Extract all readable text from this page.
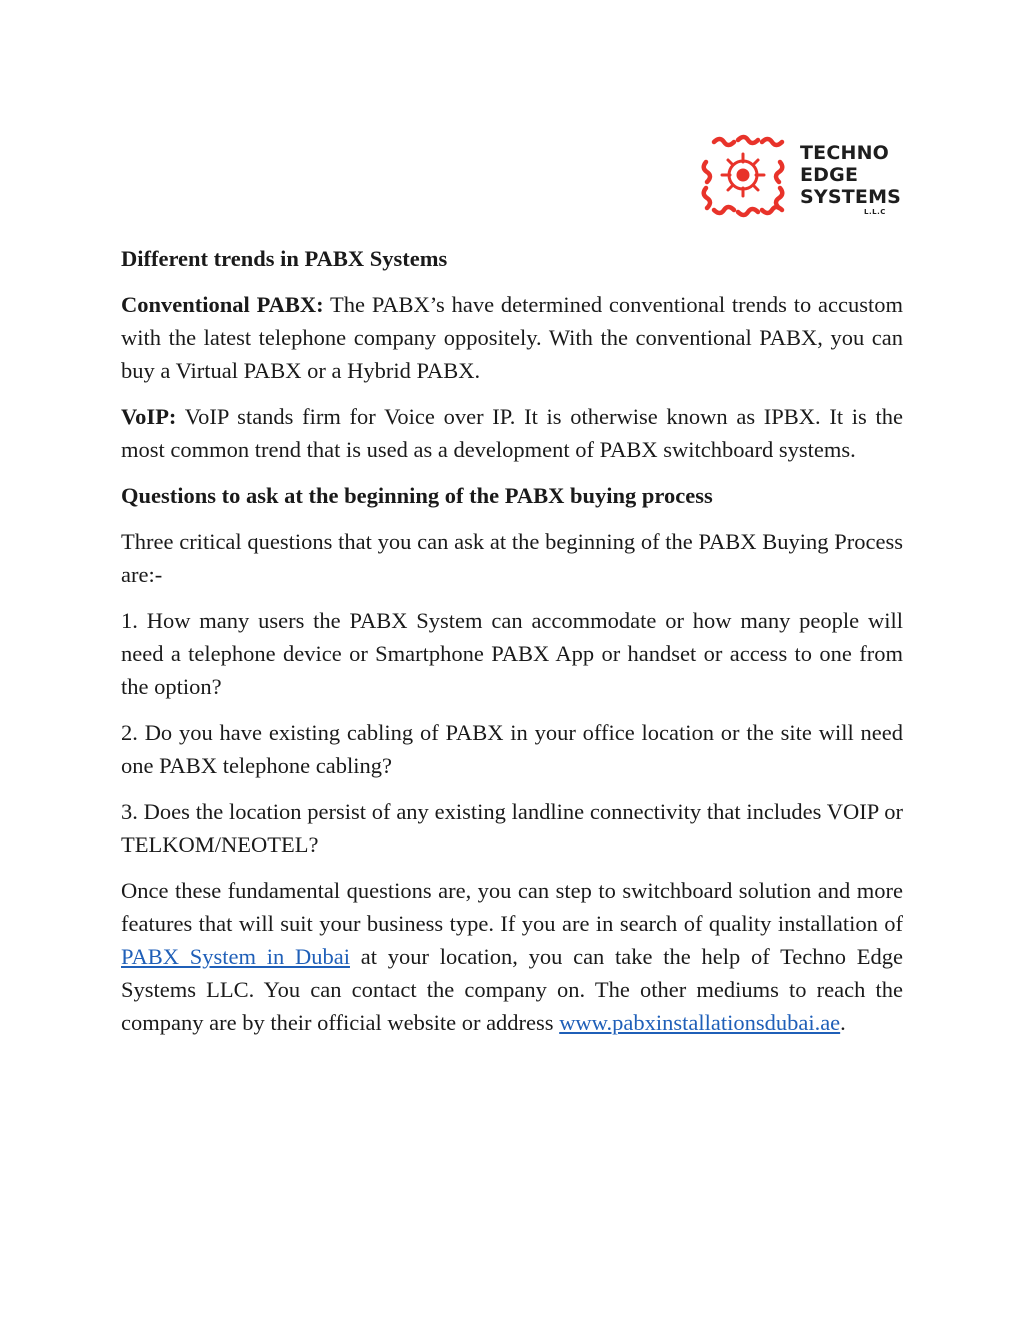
TECHNO
EDGE
SYSTEMS
L.L.C

Different trends in PABX Systems

Conventional PABX: The PABX’s have determined conventional trends to accustom with the latest telephone company oppositely. With the conventional PABX, you can buy a Virtual PABX or a Hybrid PABX.

VoIP: VoIP stands firm for Voice over IP. It is otherwise known as IPBX. It is the most common trend that is used as a development of PABX switchboard systems.

Questions to ask at the beginning of the PABX buying process

Three critical questions that you can ask at the beginning of the PABX Buying Process are:-

1. How many users the PABX System can accommodate or how many people will need a telephone device or Smartphone PABX App or handset or access to one from the option?

2. Do you have existing cabling of PABX in your office location or the site will need one PABX telephone cabling?

3. Does the location persist of any existing landline connectivity that includes VOIP or TELKOM/NEOTEL?

Once these fundamental questions are, you can step to switchboard solution and more features that will suit your business type. If you are in search of quality installation of PABX System in Dubai at your location, you can take the help of Techno Edge Systems LLC. You can contact the company on. The other mediums to reach the company are by their official website or address www.pabxinstallationsdubai.ae.
